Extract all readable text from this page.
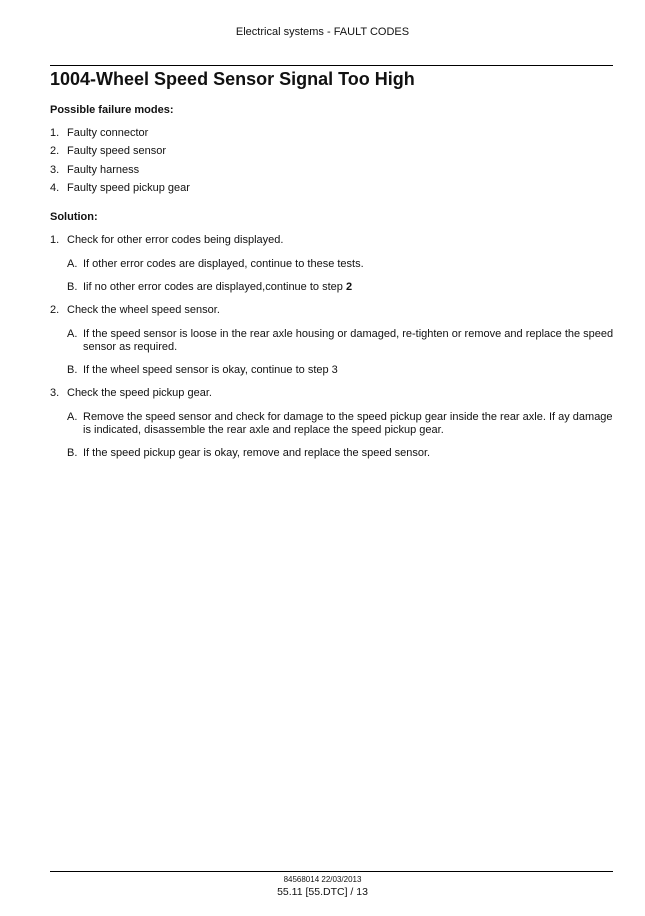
Electrical systems - FAULT CODES
1004-Wheel Speed Sensor Signal Too High
Possible failure modes:
1. Faulty connector
2. Faulty speed sensor
3. Faulty harness
4. Faulty speed pickup gear
Solution:
1. Check for other error codes being displayed.
A. If other error codes are displayed, continue to these tests.
B. Iif no other error codes are displayed,continue to step 2
2. Check the wheel speed sensor.
A. If the speed sensor is loose in the rear axle housing or damaged, re-tighten or remove and replace the speed sensor as required.
B. If the wheel speed sensor is okay, continue to step 3
3. Check the speed pickup gear.
A. Remove the speed sensor and check for damage to the speed pickup gear inside the rear axle. If ay damage is indicated, disassemble the rear axle and replace the speed pickup gear.
B. If the speed pickup gear is okay, remove and replace the speed sensor.
84568014 22/03/2013
55.11 [55.DTC] / 13
